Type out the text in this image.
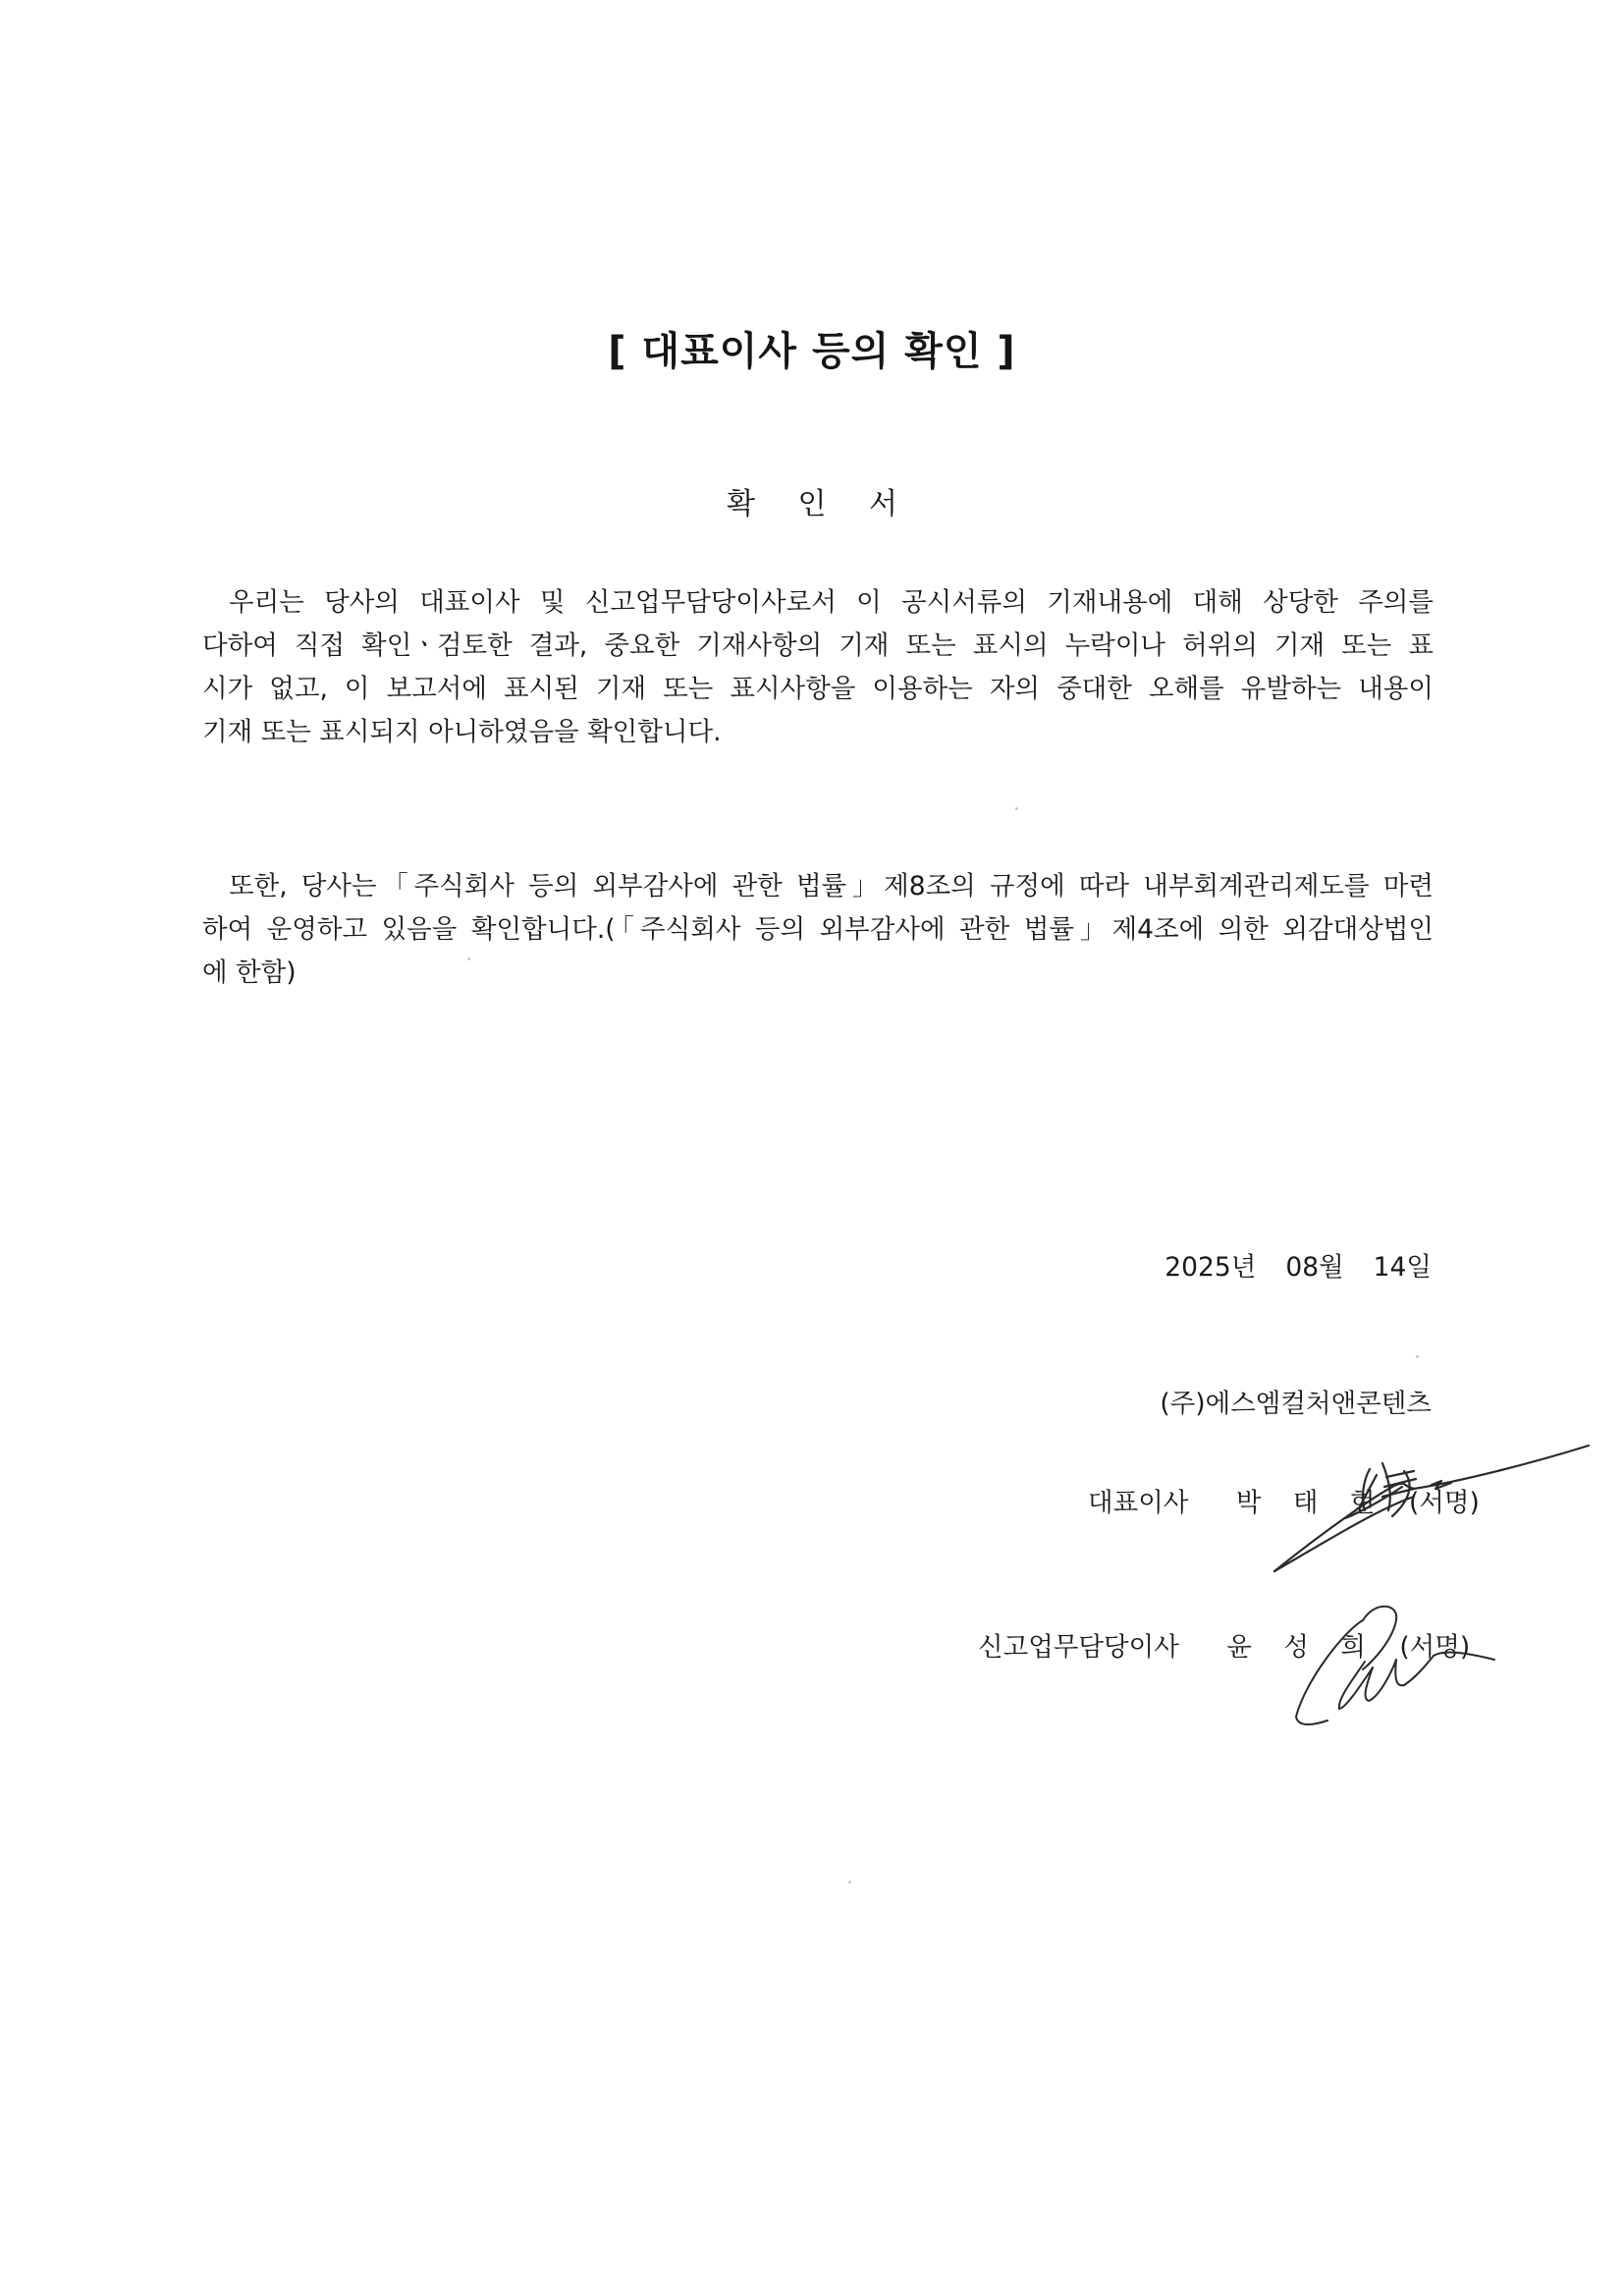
[ 대표이사 등의 확인 ]
확 인 서
우리는 당사의 대표이사 및 신고업무담당이사로서 이 공시서류의 기재내용에 대해 상당한 주의를
다하여 직접 확인ㆍ검토한 결과, 중요한 기재사항의 기재 또는 표시의 누락이나 허위의 기재 또는 표
시가 없고, 이 보고서에 표시된 기재 또는 표시사항을 이용하는 자의 중대한 오해를 유발하는 내용이
기재 또는 표시되지 아니하였음을 확인합니다.
또한, 당사는「주식회사 등의 외부감사에 관한 법률」제8조의 규정에 따라 내부회계관리제도를 마련
하여 운영하고 있음을 확인합니다.(「주식회사 등의 외부감사에 관한 법률」제4조에 의한 외감대상법인
에 한함)
2025년 08월 14일
(주)에스엠컬처앤콘텐츠
대표이사 박 태 현 (서명)
신고업무담당이사 윤 성 희 (서명)
